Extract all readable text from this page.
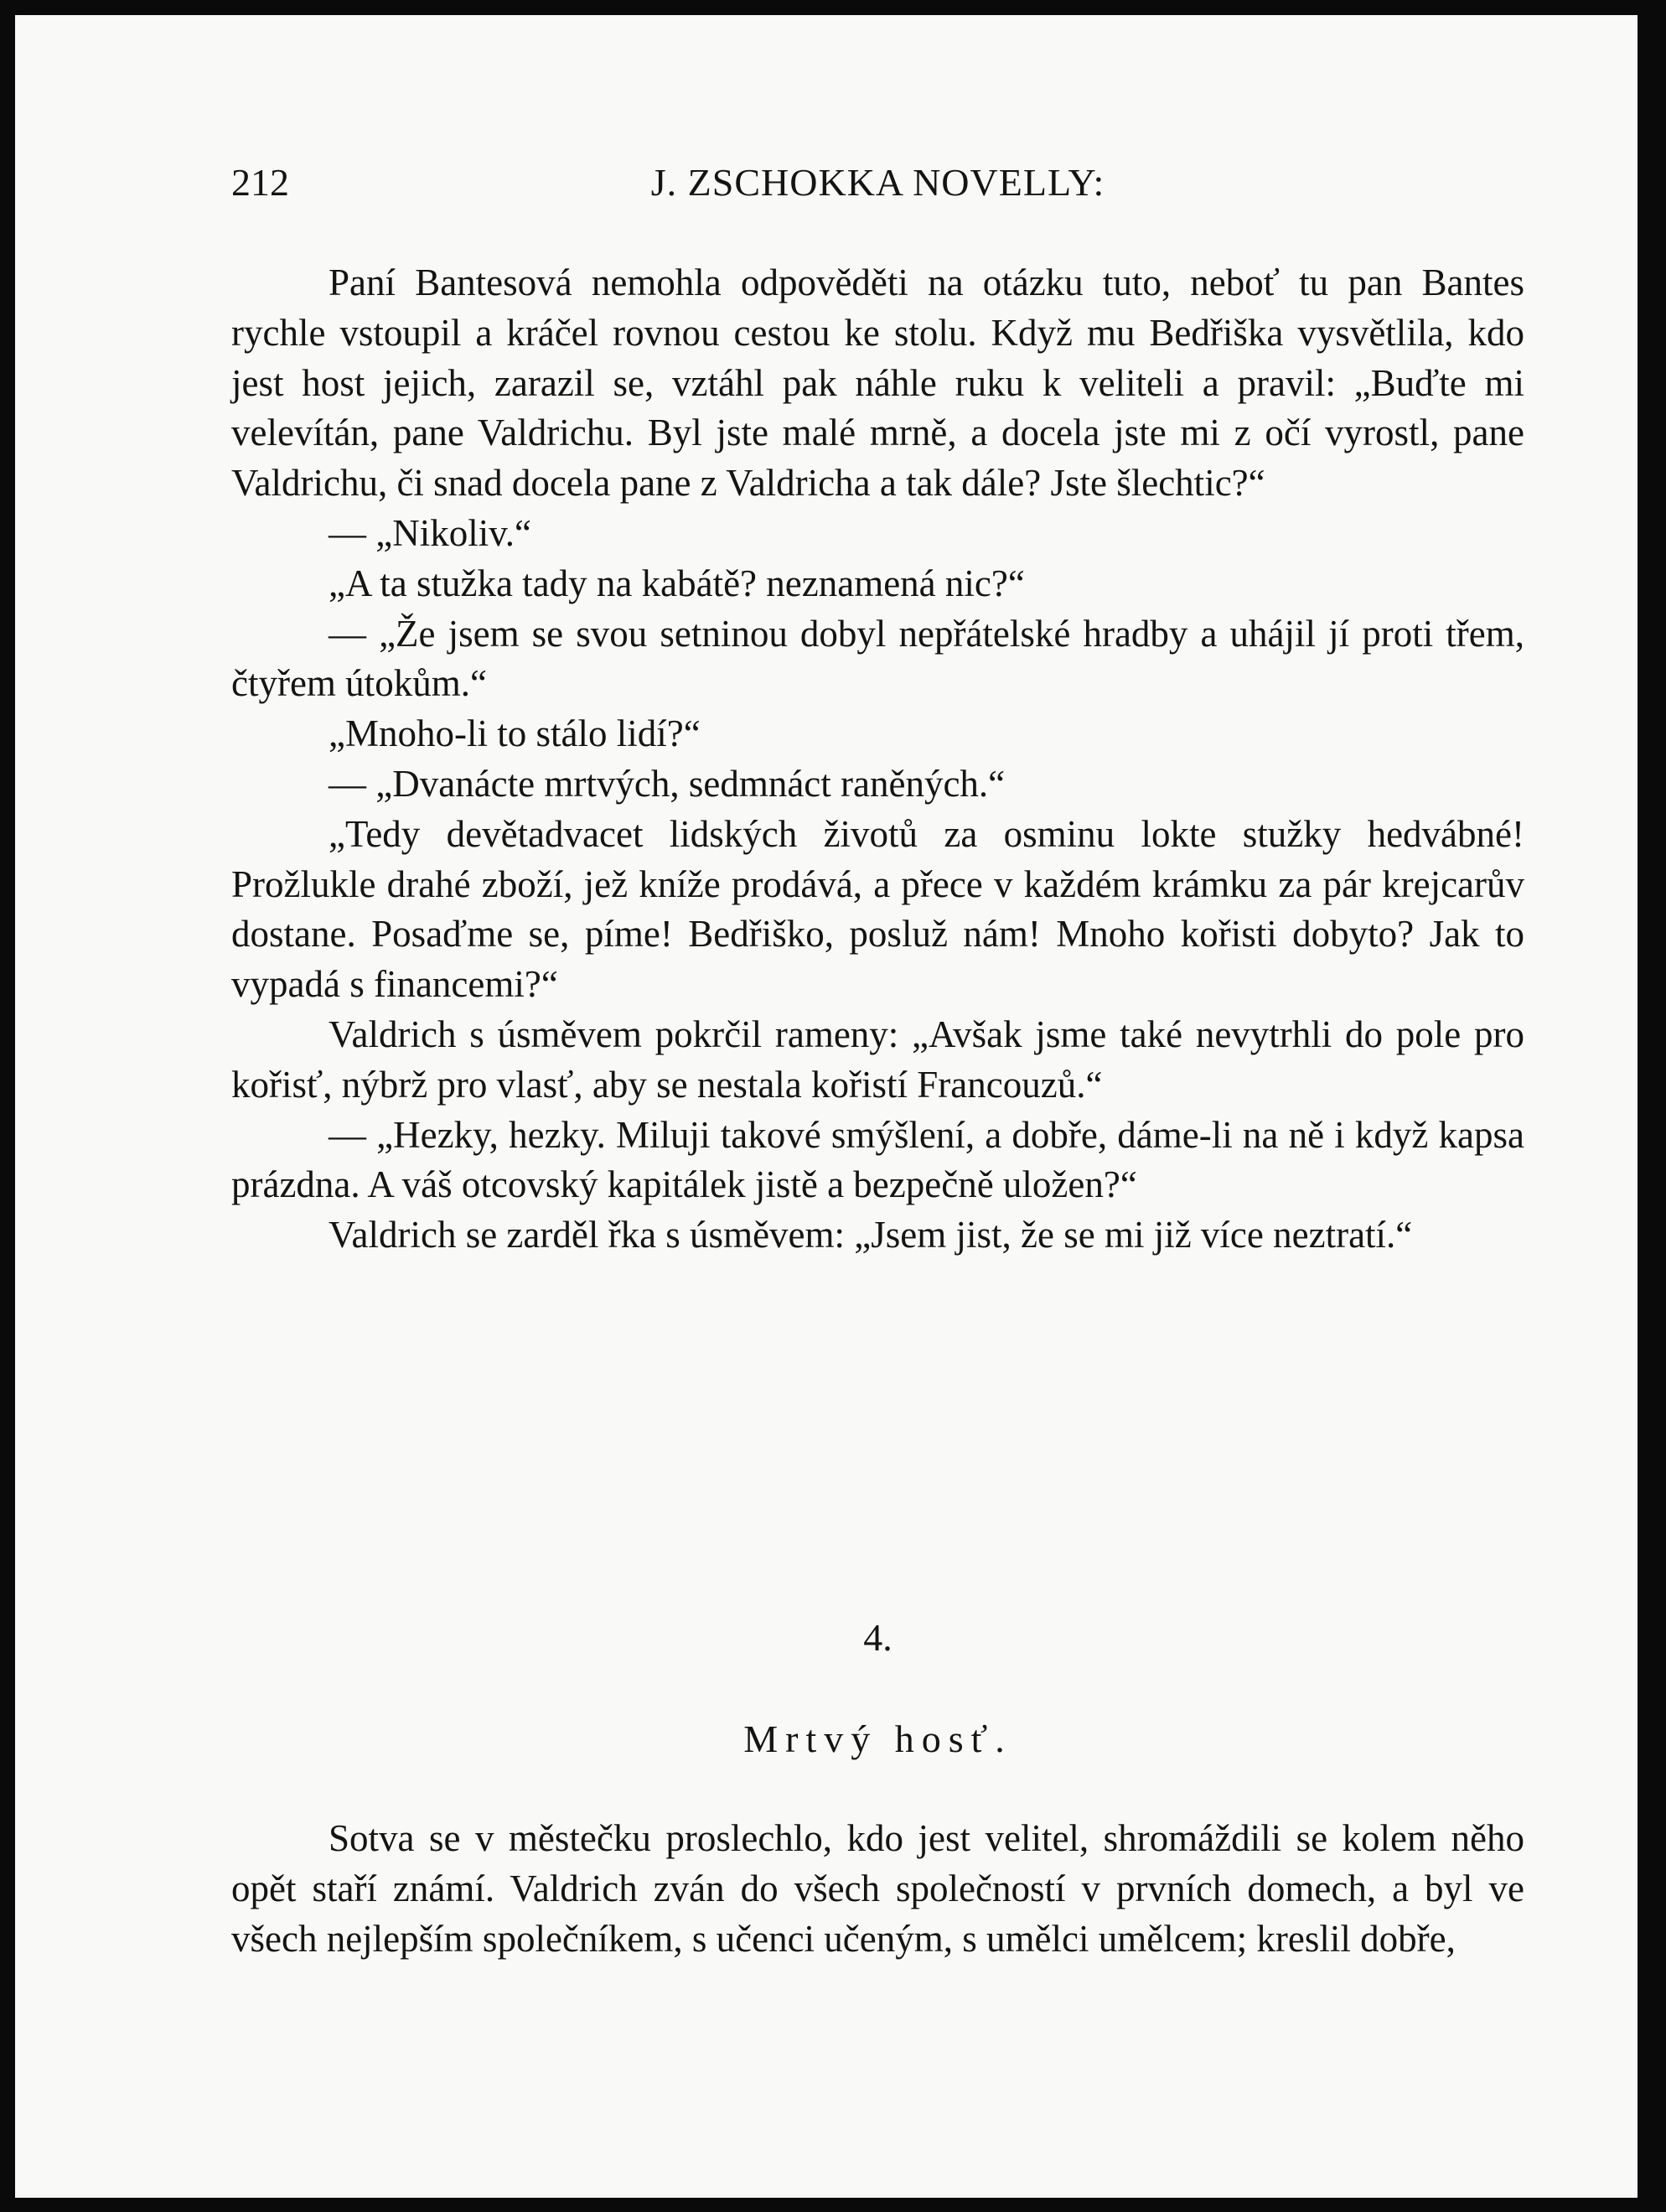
212	J. ZSCHOKKA NOVELLY:

Paní Bantesová nemohla odpověděti na otázku tuto, neboť tu pan Bantes rychle vstoupil a kráčel rovnou cestou ke stolu. Když mu Bedřiška vysvětlila, kdo jest host jejich, zarazil se, vztáhl pak náhle ruku k veliteli a pravil: „Buďte mi velevítán, pane Valdrichu. Byl jste malé mrně, a docela jste mi z očí vyrostl, pane Valdrichu, či snad docela pane z Valdricha a tak dále? Jste šlechtic?“

— „Nikoliv.“

„A ta stužka tady na kabátě? neznamená nic?“

— „Že jsem se svou setninou dobyl nepřátelské hradby a uhájil jí proti třem, čtyřem útokům.“

„Mnoho-li to stálo lidí?“

— „Dvanácte mrtvých, sedmnáct raněných.“

„Tedy devětadvacet lidských životů za osminu lokte stužky hedvábné! Prožlukle drahé zboží, jež kníže prodává, a přece v každém krámku za pár krejcarův dostane. Posaďme se, píme! Bedřiško, posluž nám! Mnoho kořisti dobyto? Jak to vypadá s financemi?“

Valdrich s úsměvem pokrčil rameny: „Avšak jsme také nevytrhli do pole pro kořisť, nýbrž pro vlasť, aby se nestala kořistí Francouzů.“

— „Hezky, hezky. Miluji takové smýšlení, a dobře, dáme-li na ně i když kapsa prázdna. A váš otcovský kapitálek jistě a bezpečně uložen?“

Valdrich se zarděl řka s úsměvem: „Jsem jist, že se mi již více neztratí.“

4.
Mrtvý hosť.

Sotva se v městečku proslechlo, kdo jest velitel, shromáždili se kolem něho opět staří známí. Valdrich zván do všech společností v prvních domech, a byl ve všech nejlepším společníkem, s učenci učeným, s umělci umělcem; kreslil dobře,
